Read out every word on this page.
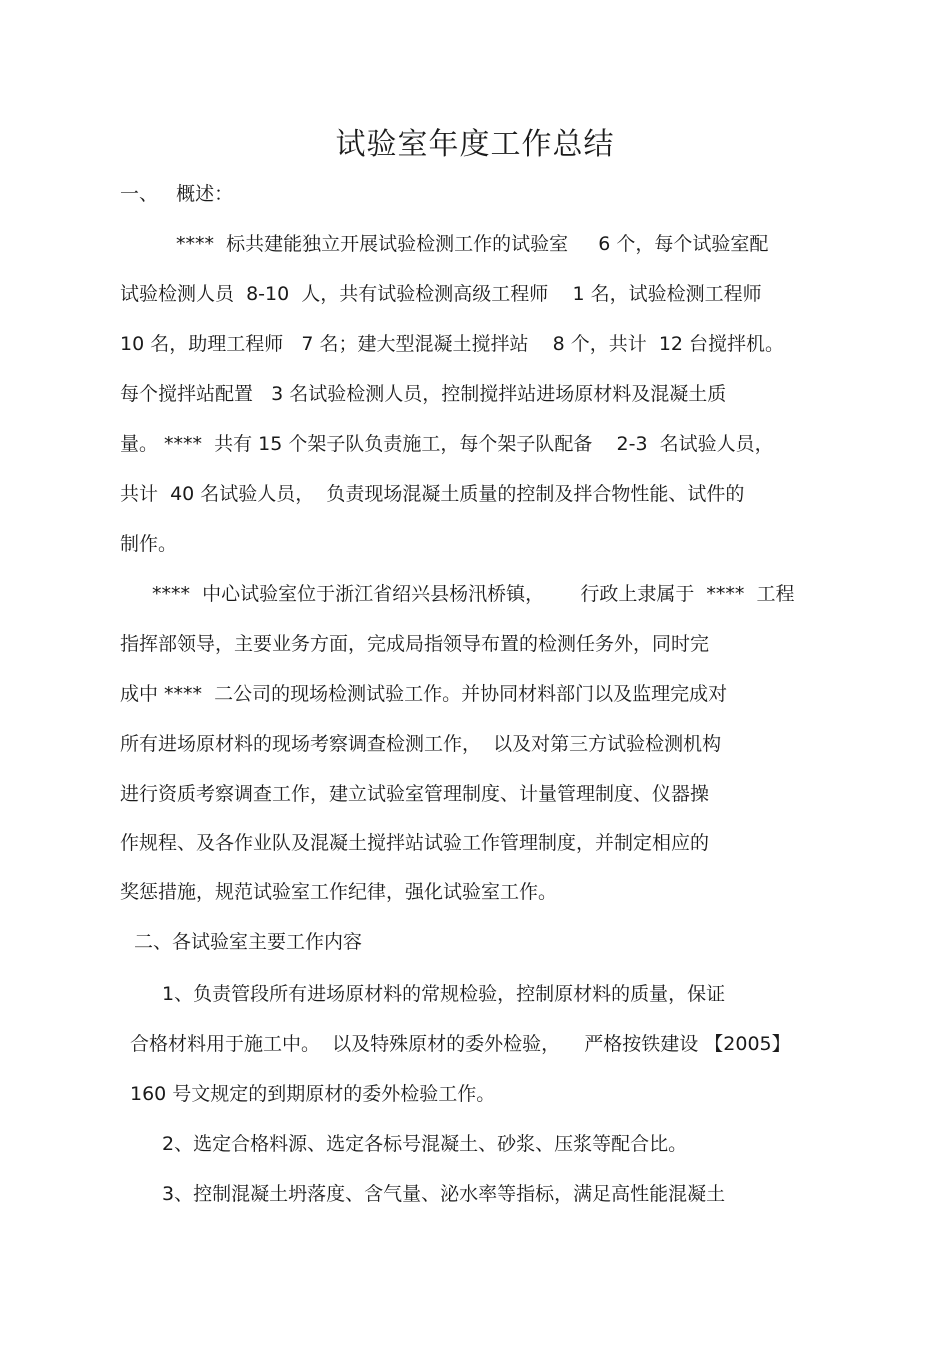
试验室年度工作总结
一、   概述：
****  标共建能独立开展试验检测工作的试验室     6 个，每个试验室配
试验检测人员  8-10  人，共有试验检测高级工程师    1 名，试验检测工程师
10 名，助理工程师   7 名；建大型混凝土搅拌站    8 个，共计  12 台搅拌机。
每个搅拌站配置   3 名试验检测人员，控制搅拌站进场原材料及混凝土质
量。 ****  共有 15 个架子队负责施工，每个架子队配备    2-3  名试验人员，
共计  40 名试验人员，  负责现场混凝土质量的控制及拌合物性能、试件的
制作。
****  中心试验室位于浙江省绍兴县杨汛桥镇，      行政上隶属于  ****  工程
指挥部领导，主要业务方面，完成局指领导布置的检测任务外，同时完
成中 ****  二公司的现场检测试验工作。并协同材料部门以及监理完成对
所有进场原材料的现场考察调查检测工作，  以及对第三方试验检测机构
进行资质考察调查工作，建立试验室管理制度、计量管理制度、仪器操
作规程、及各作业队及混凝土搅拌站试验工作管理制度，并制定相应的
奖惩措施，规范试验室工作纪律，强化试验室工作。
二、各试验室主要工作内容
1、负责管段所有进场原材料的常规检验，控制原材料的质量，保证
合格材料用于施工中。  以及特殊原材的委外检验，    严格按铁建设 【2005】
160 号文规定的到期原材的委外检验工作。
2、选定合格料源、选定各标号混凝土、砂浆、压浆等配合比。
3、控制混凝土坍落度、含气量、泌水率等指标，满足高性能混凝土
